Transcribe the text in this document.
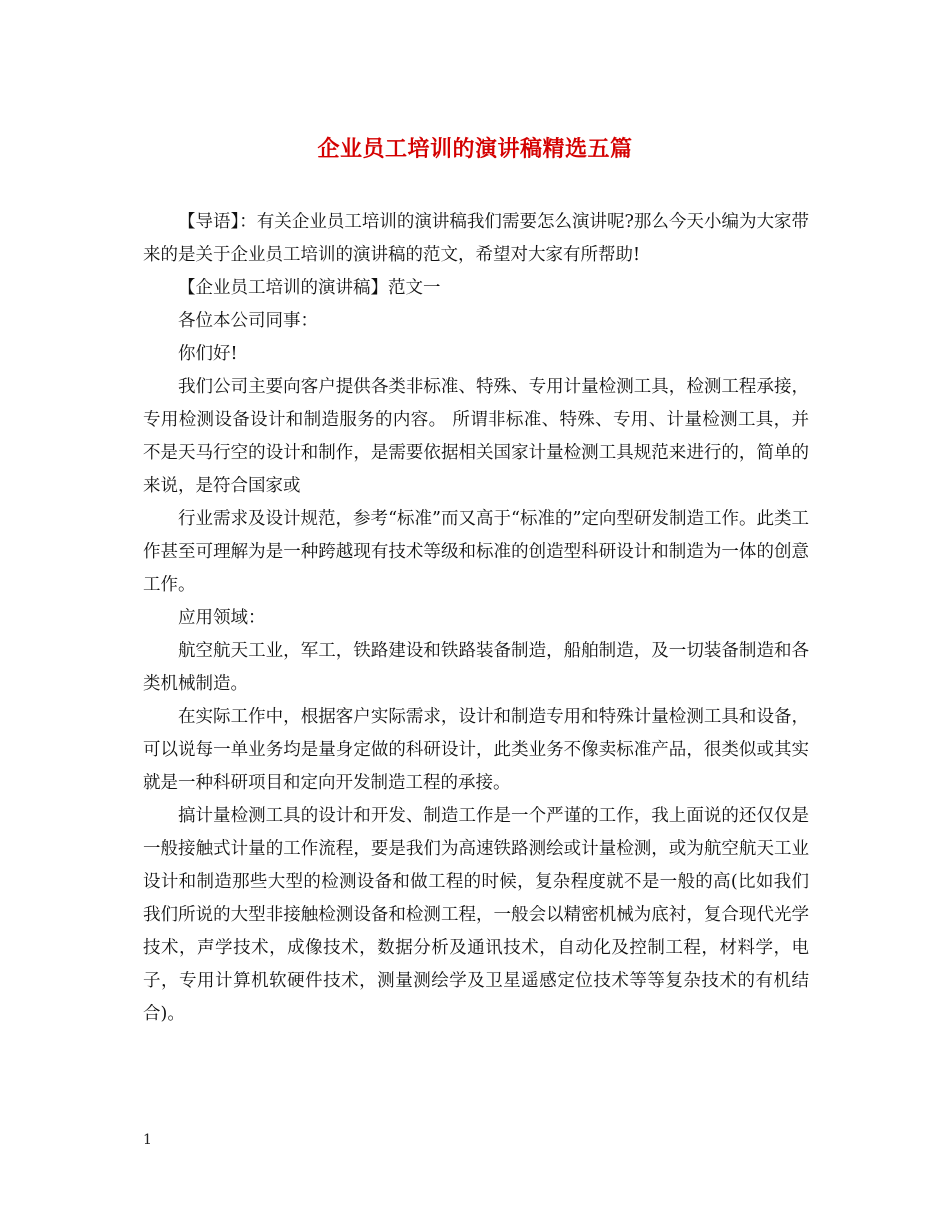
企业员工培训的演讲稿精选五篇

【导语】：有关企业员工培训的演讲稿我们需要怎么演讲呢?那么今天小编为大家带来的是关于企业员工培训的演讲稿的范文，希望对大家有所帮助!

【企业员工培训的演讲稿】范文一

各位本公司同事：

你们好!

我们公司主要向客户提供各类非标准、特殊、专用计量检测工具，检测工程承接，专用检测设备设计和制造服务的内容。 所谓非标准、特殊、专用、计量检测工具，并不是天马行空的设计和制作，是需要依据相关国家计量检测工具规范来进行的，简单的来说，是符合国家或

行业需求及设计规范，参考“标准”而又高于“标准的”定向型研发制造工作。此类工作甚至可理解为是一种跨越现有技术等级和标准的创造型科研设计和制造为一体的创意工作。

应用领域：

航空航天工业，军工，铁路建设和铁路装备制造，船舶制造，及一切装备制造和各类机械制造。

在实际工作中，根据客户实际需求，设计和制造专用和特殊计量检测工具和设备， 可以说每一单业务均是量身定做的科研设计，此类业务不像卖标准产品，很类似或其实就是一种科研项目和定向开发制造工程的承接。

搞计量检测工具的设计和开发、制造工作是一个严谨的工作，我上面说的还仅仅是一般接触式计量的工作流程，要是我们为高速铁路测绘或计量检测，或为航空航天工业设计和制造那些大型的检测设备和做工程的时候，复杂程度就不是一般的高(比如我们我们所说的大型非接触检测设备和检测工程，一般会以精密机械为底衬，复合现代光学技术，声学技术，成像技术，数据分析及通讯技术，自动化及控制工程，材料学，电子，专用计算机软硬件技术，测量测绘学及卫星遥感定位技术等等复杂技术的有机结合)。

1
